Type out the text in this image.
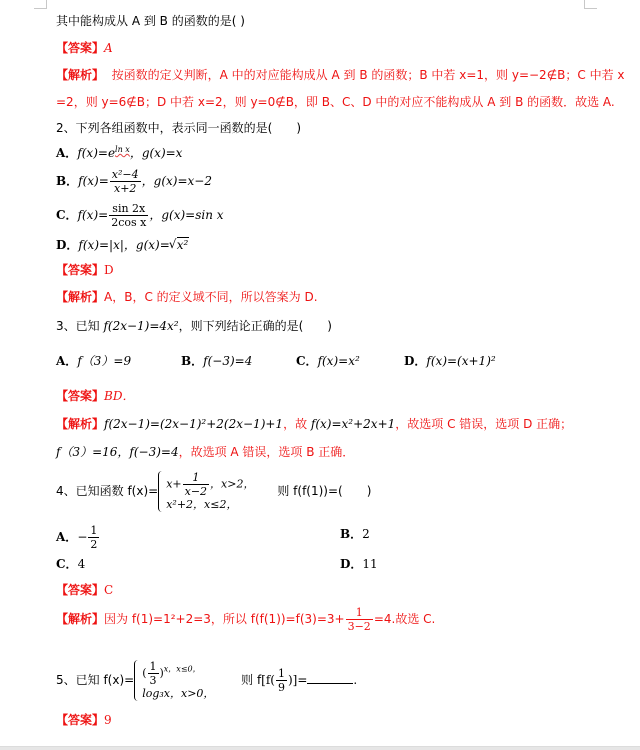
其中能构成从 A 到 B 的函数的是( )
【答案】A
【解析】 按函数的定义判断，A 中的对应能构成从 A 到 B 的函数；B 中若 x=1，则 y=−2∉B；C 中若 x
=2，则 y=6∉B；D 中若 x=2，则 y=0∉B，即 B、C、D 中的对应不能构成从 A 到 B 的函数．故选 A.
2、下列各组函数中，表示同一函数的是(　　)
A．$f(x)=e^{ln x}$，g(x)=x
B．$f(x)= \frac{\text{x²−4}}{x+2}$ ，g(x)=x−2
C．$f(x)= \frac{\sin 2x}{\text{2cos x}}$ ，g(x)=sin x
D．f(x)=|x|，g(x)= √ x²
【答案】D
【解析】A，B，C 的定义域不同，所以答案为 D.
3、已知 f(2x−1)=4x²，则下列结论正确的是(　　)
A．f（3）=9	B．f(−3)=4	C．f(x)=x²	D．f(x)=(x+1)²
【答案】BD．
【解析】f(2x−1)=(2x−1)²+2(2x−1)+1，故 f(x)=x²+2x+1，故选项 C 错误，选项 D 正确；
f（3）=16，f(−3)=4，故选项 A 错误，选项 B 正确．
4、已知函数 $f(x)= x+ \frac{1}{x-2}$ ，x>2，
x²+2，x≤2，
则 f(f(1))=(　　)
A．− $\frac{1}{2}$	B．2
C．4	D．11
【答案】C
【解析】因为 f(1)=1²+2=3，所以 $f(f(1))=f(3)=3+ \frac{1}{3-2} =4$.故选 C.
5、已知 f(x)= ( $\frac{1}{3} )^{x,x\le 0,}$
log₃x，x>0，
则 $f[f( \frac{1}{9}$ )]=	.
【答案】9
